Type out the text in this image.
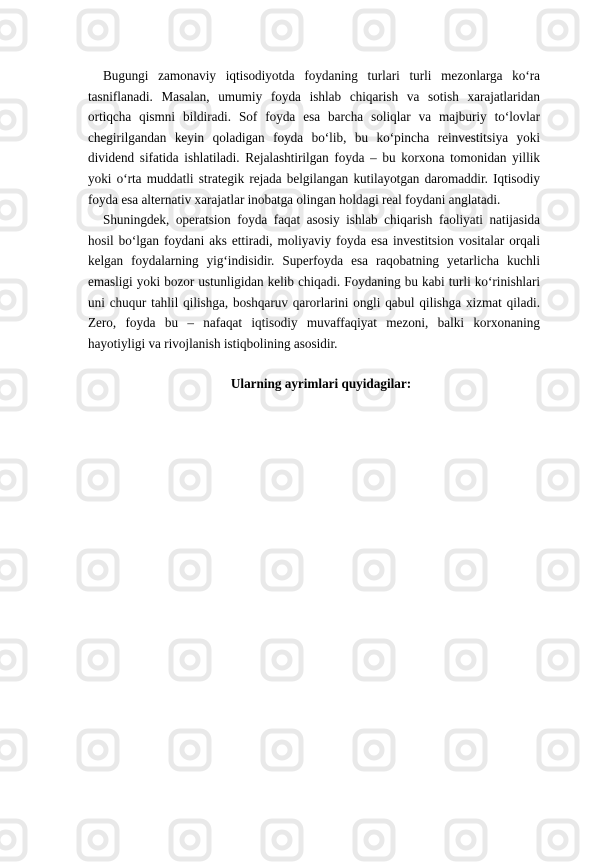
Bugungi zamonaviy iqtisodiyotda foydaning turlari turli mezonlarga ko‘ra tasniflanadi. Masalan, umumiy foyda ishlab chiqarish va sotish xarajatlaridan ortiqcha qismni bildiradi. Sof foyda esa barcha soliqlar va majburiy to‘lovlar chegirilgandan keyin qoladigan foyda bo‘lib, bu ko‘pincha reinvestitsiya yoki dividend sifatida ishlatiladi. Rejalashtirilgan foyda – bu korxona tomonidan yillik yoki o‘rta muddatli strategik rejada belgilangan kutilayotgan daromaddir. Iqtisodiy foyda esa alternativ xarajatlar inobatga olingan holdagi real foydani anglatadi.

Shuningdek, operatsion foyda faqat asosiy ishlab chiqarish faoliyati natijasida hosil bo‘lgan foydani aks ettiradi, moliyaviy foyda esa investitsion vositalar orqali kelgan foydalarning yig‘indisidir. Superfoyda esa raqobatning yetarlicha kuchli emasligi yoki bozor ustunligidan kelib chiqadi. Foydaning bu kabi turli ko‘rinishlari uni chuqur tahlil qilishga, boshqaruv qarorlarini ongli qabul qilishga xizmat qiladi. Zero, foyda bu – nafaqat iqtisodiy muvaffaqiyat mezoni, balki korxonaning hayotiyligi va rivojlanish istiqbolining asosidir.

Ularning ayrimlari quyidagilar:
